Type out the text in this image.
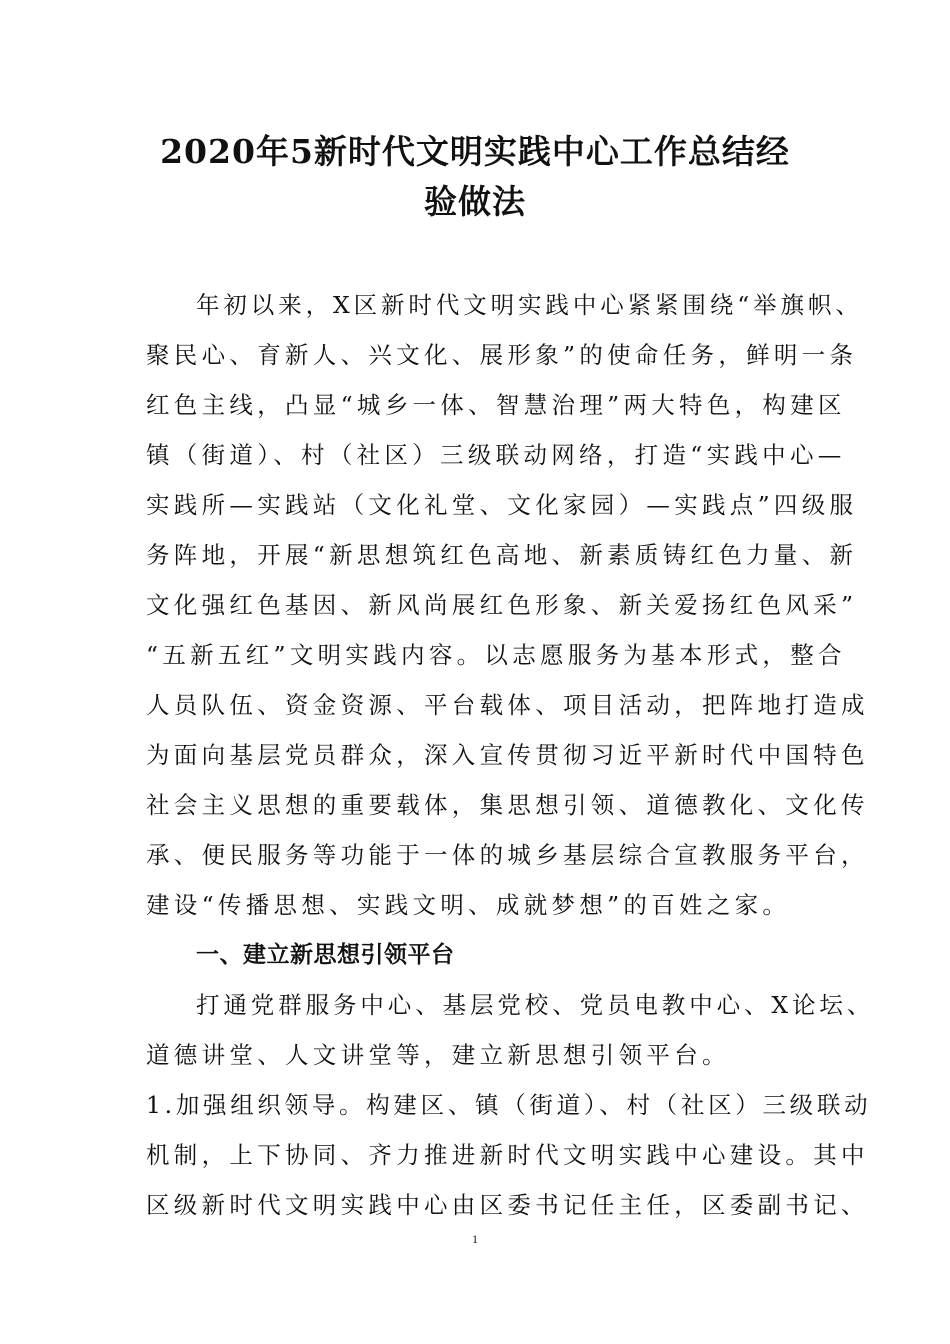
2020年5新时代文明实践中心工作总结经
验做法
年初以来，X区新时代文明实践中心紧紧围绕“举旗帜、
聚民心、育新人、兴文化、展形象”的使命任务，鲜明一条
红色主线，凸显“城乡一体、智慧治理”两大特色，构建区
镇（街道）、村（社区）三级联动网络，打造“实践中心—
实践所—实践站（文化礼堂、文化家园）—实践点”四级服
务阵地，开展“新思想筑红色高地、新素质铸红色力量、新
文化强红色基因、新风尚展红色形象、新关爱扬红色风采”
“五新五红”文明实践内容。以志愿服务为基本形式，整合
人员队伍、资金资源、平台载体、项目活动，把阵地打造成
为面向基层党员群众，深入宣传贯彻习近平新时代中国特色
社会主义思想的重要载体，集思想引领、道德教化、文化传
承、便民服务等功能于一体的城乡基层综合宣教服务平台，
建设“传播思想、实践文明、成就梦想”的百姓之家。
一、建立新思想引领平台
打通党群服务中心、基层党校、党员电教中心、X论坛、
道德讲堂、人文讲堂等，建立新思想引领平台。
1.加强组织领导。构建区、镇（街道）、村（社区）三级联动
机制，上下协同、齐力推进新时代文明实践中心建设。其中
区级新时代文明实践中心由区委书记任主任，区委副书记、
1
